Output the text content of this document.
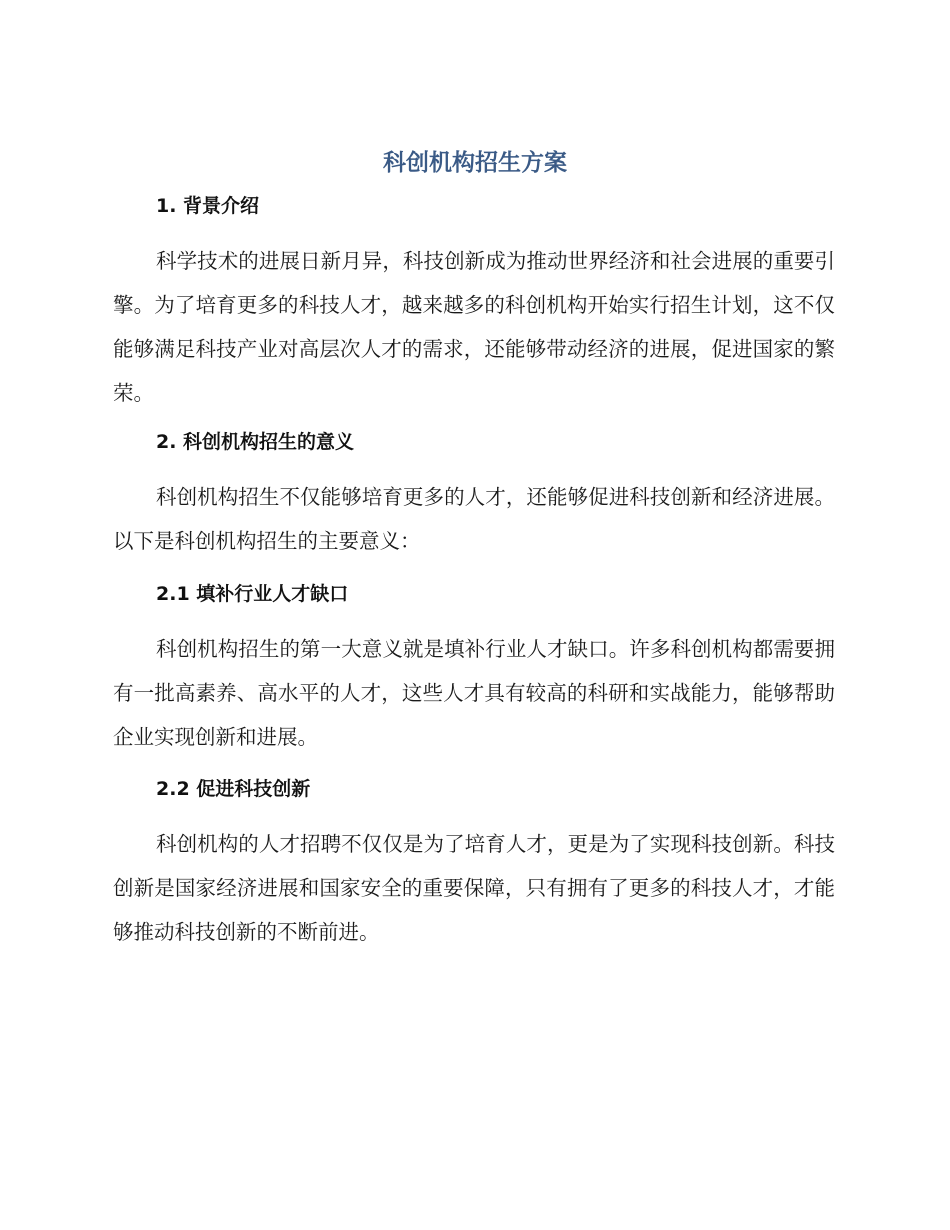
科创机构招生方案
1. 背景介绍

科学技术的进展日新月异，科技创新成为推动世界经济和社会进展的重要引擎。为了培育更多的科技人才，越来越多的科创机构开始实行招生计划，这不仅能够满足科技产业对高层次人才的需求，还能够带动经济的进展，促进国家的繁荣。

2. 科创机构招生的意义

科创机构招生不仅能够培育更多的人才，还能够促进科技创新和经济进展。以下是科创机构招生的主要意义：

2.1 填补行业人才缺口

科创机构招生的第一大意义就是填补行业人才缺口。许多科创机构都需要拥有一批高素养、高水平的人才，这些人才具有较高的科研和实战能力，能够帮助企业实现创新和进展。

2.2 促进科技创新

科创机构的人才招聘不仅仅是为了培育人才，更是为了实现科技创新。科技创新是国家经济进展和国家安全的重要保障，只有拥有了更多的科技人才，才能够推动科技创新的不断前进。
